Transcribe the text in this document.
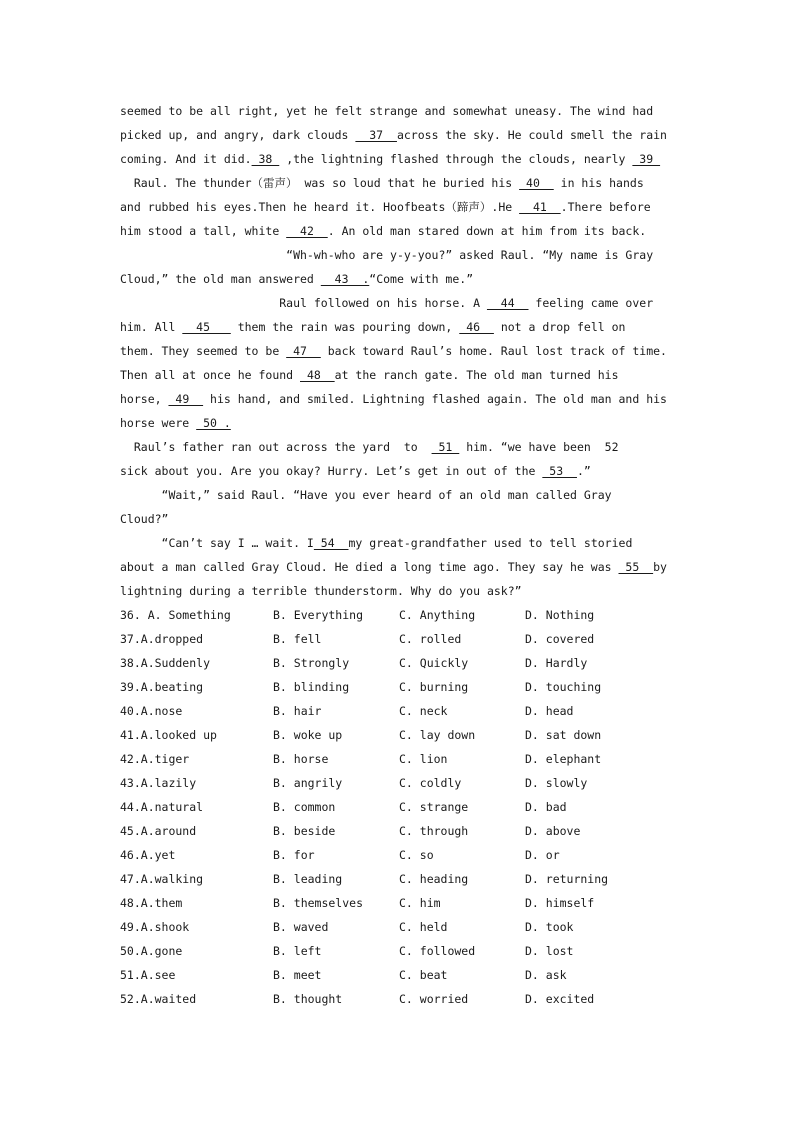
seemed to be all right, yet he felt strange and somewhat uneasy. The wind had
picked up, and angry, dark clouds   37  across the sky. He could smell the rain
coming. And it did. 38  ,the lightning flashed through the clouds, nearly  39
Raul. The thunder（雷声） was so loud that he buried his  40   in his hands
and rubbed his eyes.Then he heard it. Hoofbeats（蹄声）.He   41  .There before
him stood a tall, white   42  . An old man stared down at him from its back.
“Wh-wh-who are y-y-you?” asked Raul. “My name is Gray
Cloud,” the old man answered   43  .“Come with me.”
Raul followed on his horse. A   44   feeling came over
him. All   45    them the rain was pouring down,  46   not a drop fell on
them. They seemed to be  47   back toward Raul’s home. Raul lost track of time.
Then all at once he found  48  at the ranch gate. The old man turned his
horse,  49   his hand, and smiled. Lightning flashed again. The old man and his
horse were  50 .
Raul’s father ran out across the yard  to   51  him. “we have been  52
sick about you. Are you okay? Hurry. Let’s get in out of the  53  .”
“Wait,” said Raul. “Have you ever heard of an old man called Gray
Cloud?”
“Can’t say I … wait. I 54  my great-grandfather used to tell storied
about a man called Gray Cloud. He died a long time ago. They say he was  55  by
lightning during a terrible thunderstorm. Why do you ask?”
36. A. Something	B. Everything	C. Anything	D. Nothing
37.A.dropped	B. fell	C. rolled	D. covered
38.A.Suddenly	B. Strongly	C. Quickly	D. Hardly
39.A.beating	B. blinding	C. burning	D. touching
40.A.nose	B. hair	C. neck	D. head
41.A.looked up	B. woke up	C. lay down	D. sat down
42.A.tiger	B. horse	C. lion	D. elephant
43.A.lazily	B. angrily	C. coldly	D. slowly
44.A.natural	B. common	C. strange	D. bad
45.A.around	B. beside	C. through	D. above
46.A.yet	B. for	C. so	D. or
47.A.walking	B. leading	C. heading	D. returning
48.A.them	B. themselves	C. him	D. himself
49.A.shook	B. waved	C. held	D. took
50.A.gone	B. left	C. followed	D. lost
51.A.see	B. meet	C. beat	D. ask
52.A.waited	B. thought	C. worried	D. excited
